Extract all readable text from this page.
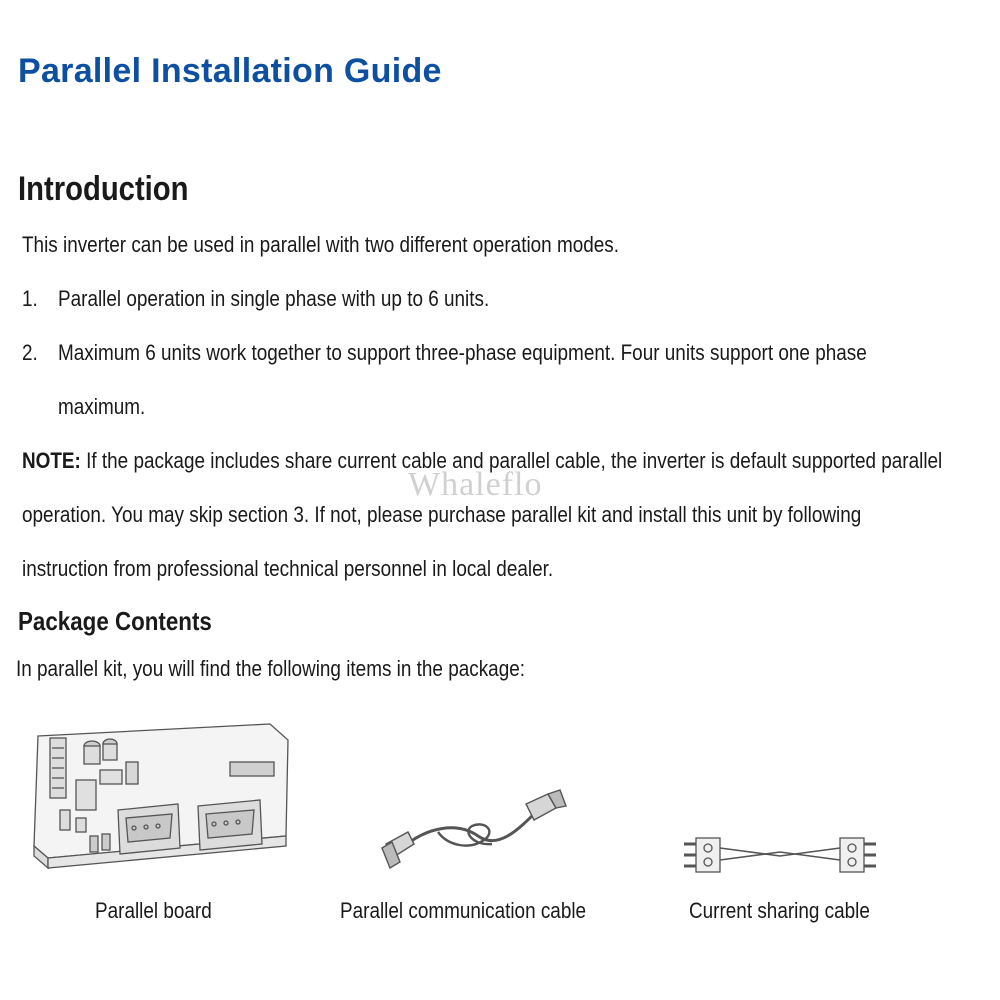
Parallel Installation Guide
Introduction
This inverter can be used in parallel with two different operation modes.
1. Parallel operation in single phase with up to 6 units.
2. Maximum 6 units work together to support three-phase equipment. Four units support one phase
maximum.
NOTE: If the package includes share current cable and parallel cable, the inverter is default supported parallel
operation. You may skip section 3. If not, please purchase parallel kit and install this unit by following
instruction from professional technical personnel in local dealer.
Whaleflo
Package Contents
In parallel kit, you will find the following items in the package:
Parallel board	Parallel communication cable	Current sharing cable
